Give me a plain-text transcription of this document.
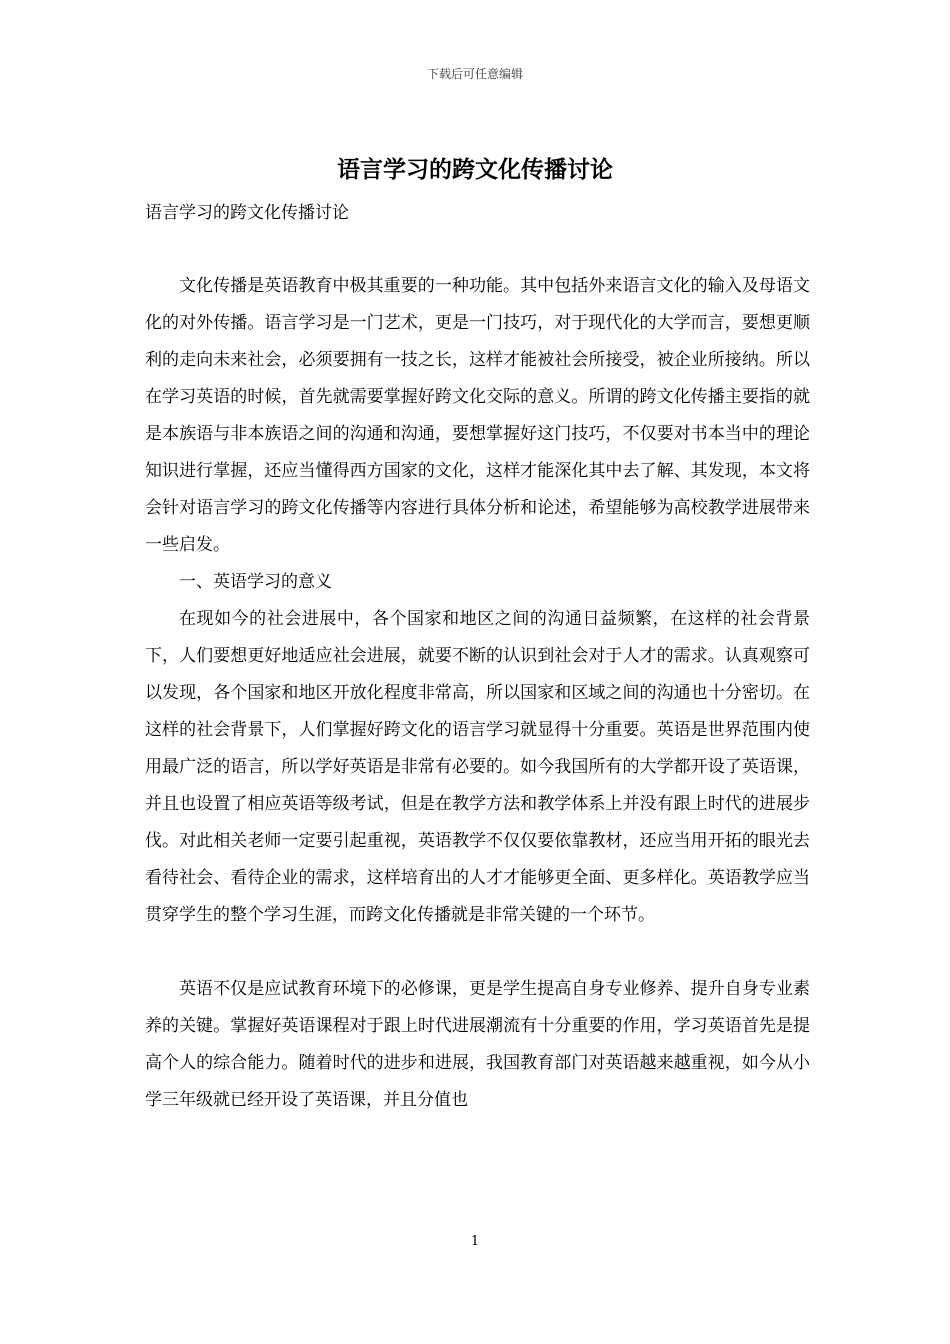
下载后可任意编辑
语言学习的跨文化传播讨论

语言学习的跨文化传播讨论

文化传播是英语教育中极其重要的一种功能。其中包括外来语言文化的输入及母语文化的对外传播。语言学习是一门艺术，更是一门技巧，对于现代化的大学而言，要想更顺利的走向未来社会，必须要拥有一技之长，这样才能被社会所接受，被企业所接纳。所以在学习英语的时候，首先就需要掌握好跨文化交际的意义。所谓的跨文化传播主要指的就是本族语与非本族语之间的沟通和沟通，要想掌握好这门技巧，不仅要对书本当中的理论知识进行掌握，还应当懂得西方国家的文化，这样才能深化其中去了解、其发现，本文将会针对语言学习的跨文化传播等内容进行具体分析和论述，希望能够为高校教学进展带来一些启发。

一、英语学习的意义

在现如今的社会进展中，各个国家和地区之间的沟通日益频繁，在这样的社会背景下，人们要想更好地适应社会进展，就要不断的认识到社会对于人才的需求。认真观察可以发现，各个国家和地区开放化程度非常高，所以国家和区域之间的沟通也十分密切。在这样的社会背景下，人们掌握好跨文化的语言学习就显得十分重要。英语是世界范围内使用最广泛的语言，所以学好英语是非常有必要的。如今我国所有的大学都开设了英语课，并且也设置了相应英语等级考试，但是在教学方法和教学体系上并没有跟上时代的进展步伐。对此相关老师一定要引起重视，英语教学不仅仅要依靠教材，还应当用开拓的眼光去看待社会、看待企业的需求，这样培育出的人才才能够更全面、更多样化。英语教学应当贯穿学生的整个学习生涯，而跨文化传播就是非常关键的一个环节。

英语不仅是应试教育环境下的必修课，更是学生提高自身专业修养、提升自身专业素养的关键。掌握好英语课程对于跟上时代进展潮流有十分重要的作用，学习英语首先是提高个人的综合能力。随着时代的进步和进展，我国教育部门对英语越来越重视，如今从小学三年级就已经开设了英语课，并且分值也

1
